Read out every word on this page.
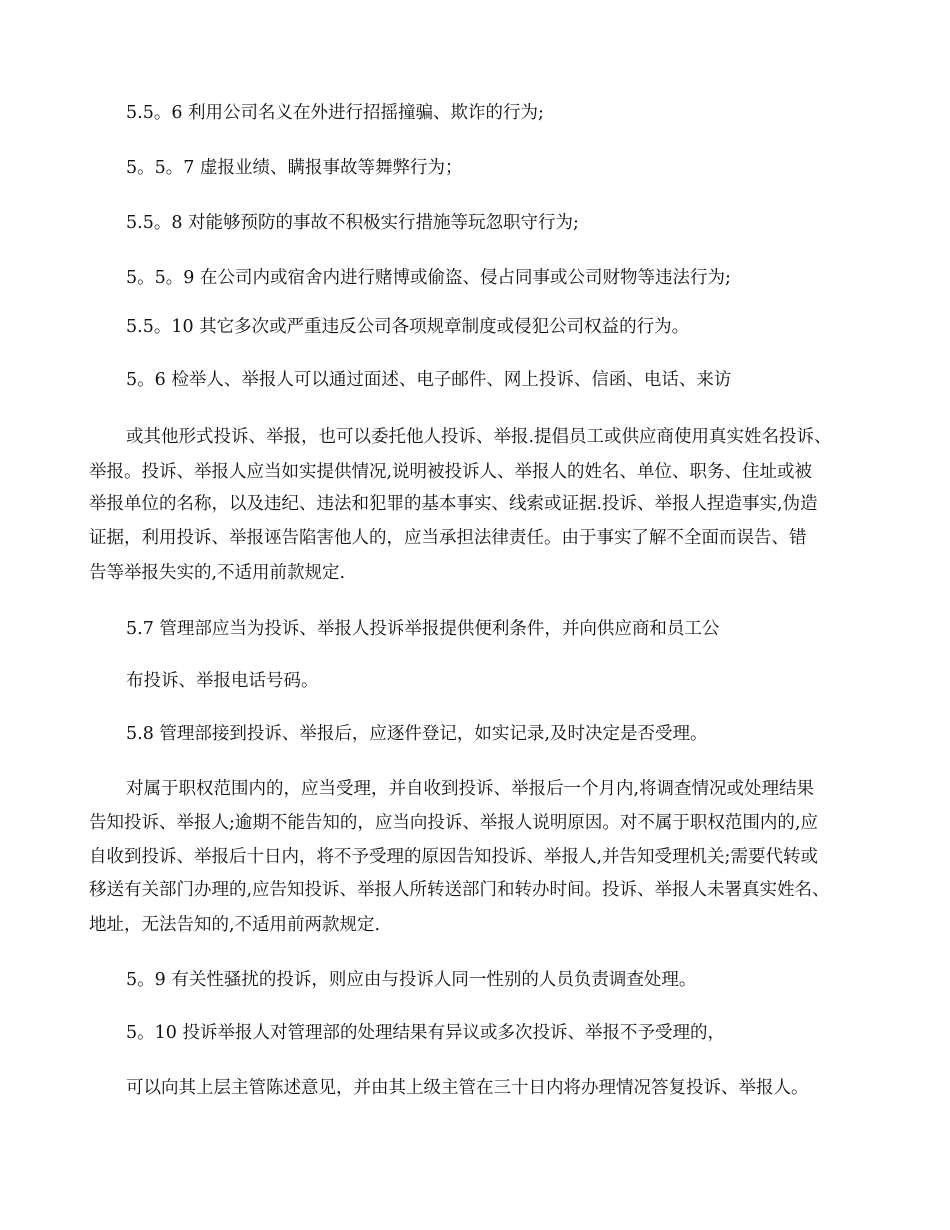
5.5。6 利用公司名义在外进行招摇撞骗、欺诈的行为;

5。5。7 虚报业绩、瞒报事故等舞弊行为；

5.5。8 对能够预防的事故不积极实行措施等玩忽职守行为;

5。5。9 在公司内或宿舍内进行赌博或偷盗、侵占同事或公司财物等违法行为;

5.5。10 其它多次或严重违反公司各项规章制度或侵犯公司权益的行为。

5。6 检举人、举报人可以通过面述、电子邮件、网上投诉、信函、电话、来访

或其他形式投诉、举报，也可以委托他人投诉、举报.提倡员工或供应商使用真实姓名投诉、

举报。投诉、举报人应当如实提供情况,说明被投诉人、举报人的姓名、单位、职务、住址或被

举报单位的名称，以及违纪、违法和犯罪的基本事实、线索或证据.投诉、举报人捏造事实,伪造

证据，利用投诉、举报诬告陷害他人的，应当承担法律责任。由于事实了解不全面而误告、错

告等举报失实的,不适用前款规定.

5.7 管理部应当为投诉、举报人投诉举报提供便利条件，并向供应商和员工公

布投诉、举报电话号码。

5.8 管理部接到投诉、举报后，应逐件登记，如实记录,及时决定是否受理。

对属于职权范围内的，应当受理，并自收到投诉、举报后一个月内,将调查情况或处理结果

告知投诉、举报人;逾期不能告知的，应当向投诉、举报人说明原因。对不属于职权范围内的,应

自收到投诉、举报后十日内，将不予受理的原因告知投诉、举报人,并告知受理机关;需要代转或

移送有关部门办理的,应告知投诉、举报人所转送部门和转办时间。投诉、举报人未署真实姓名、

地址，无法告知的,不适用前两款规定.

5。9 有关性骚扰的投诉，则应由与投诉人同一性别的人员负责调查处理。

5。10 投诉举报人对管理部的处理结果有异议或多次投诉、举报不予受理的，

可以向其上层主管陈述意见，并由其上级主管在三十日内将办理情况答复投诉、举报人。
